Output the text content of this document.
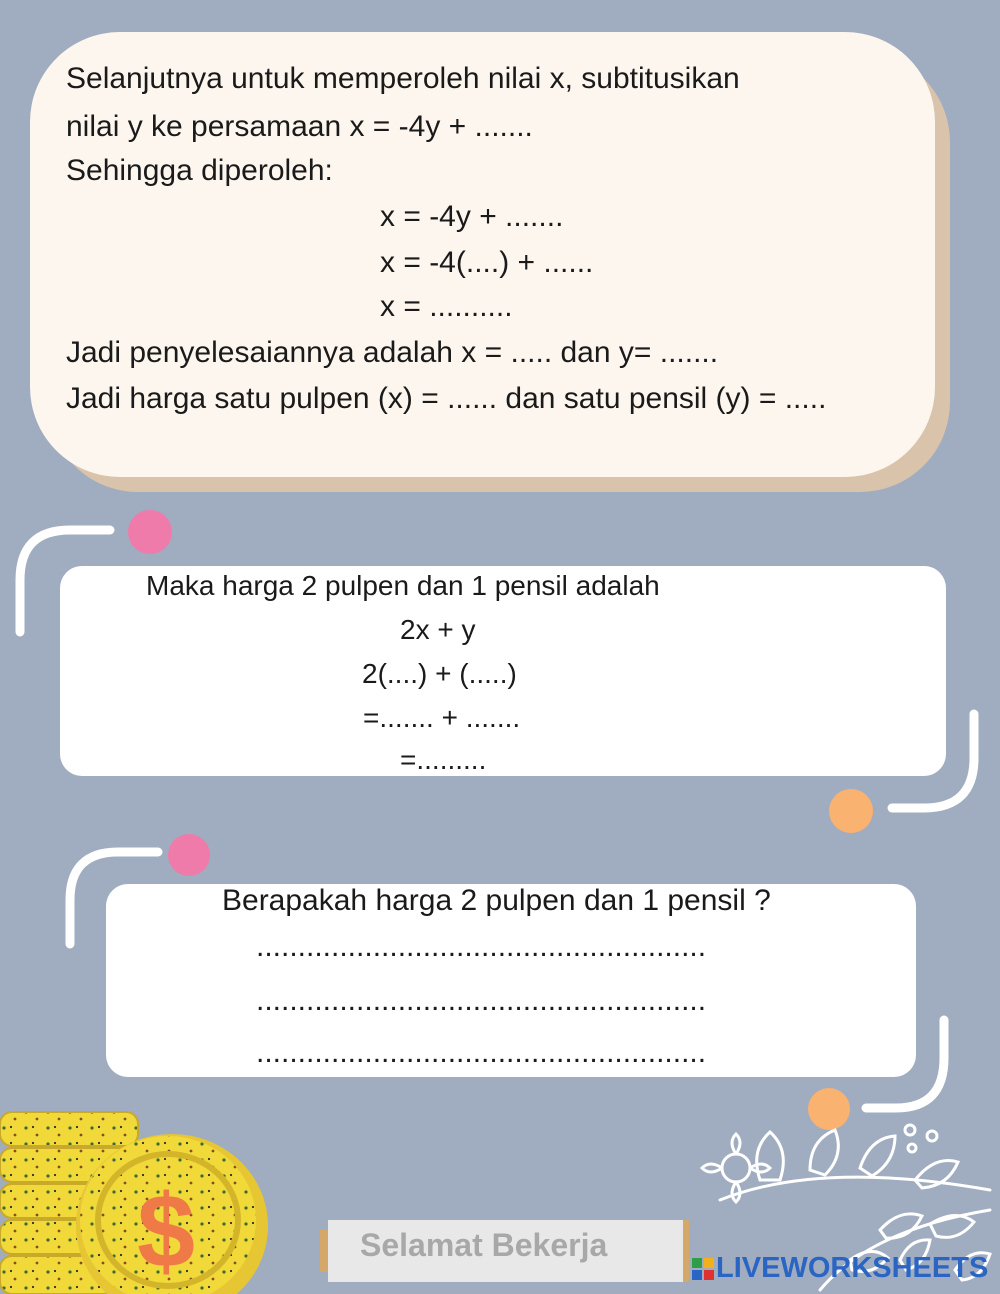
Selanjutnya untuk memperoleh nilai x, subtitusikan
nilai y ke persamaan x = -4y + .......
Sehingga diperoleh:
x = -4y + .......
x = -4(....) + ......
x = ..........
Jadi penyelesaiannya adalah x = ..... dan y= .......
Jadi harga satu pulpen (x) = ...... dan satu pensil (y) = .....
Maka harga 2 pulpen dan 1 pensil adalah
2x + y
2(....) + (.....)
=....... + .......
=.........
Berapakah harga 2 pulpen dan 1 pensil ?
......................................................
......................................................
......................................................
$	Selamat Bekerja
LIVEWORKSHEETS
